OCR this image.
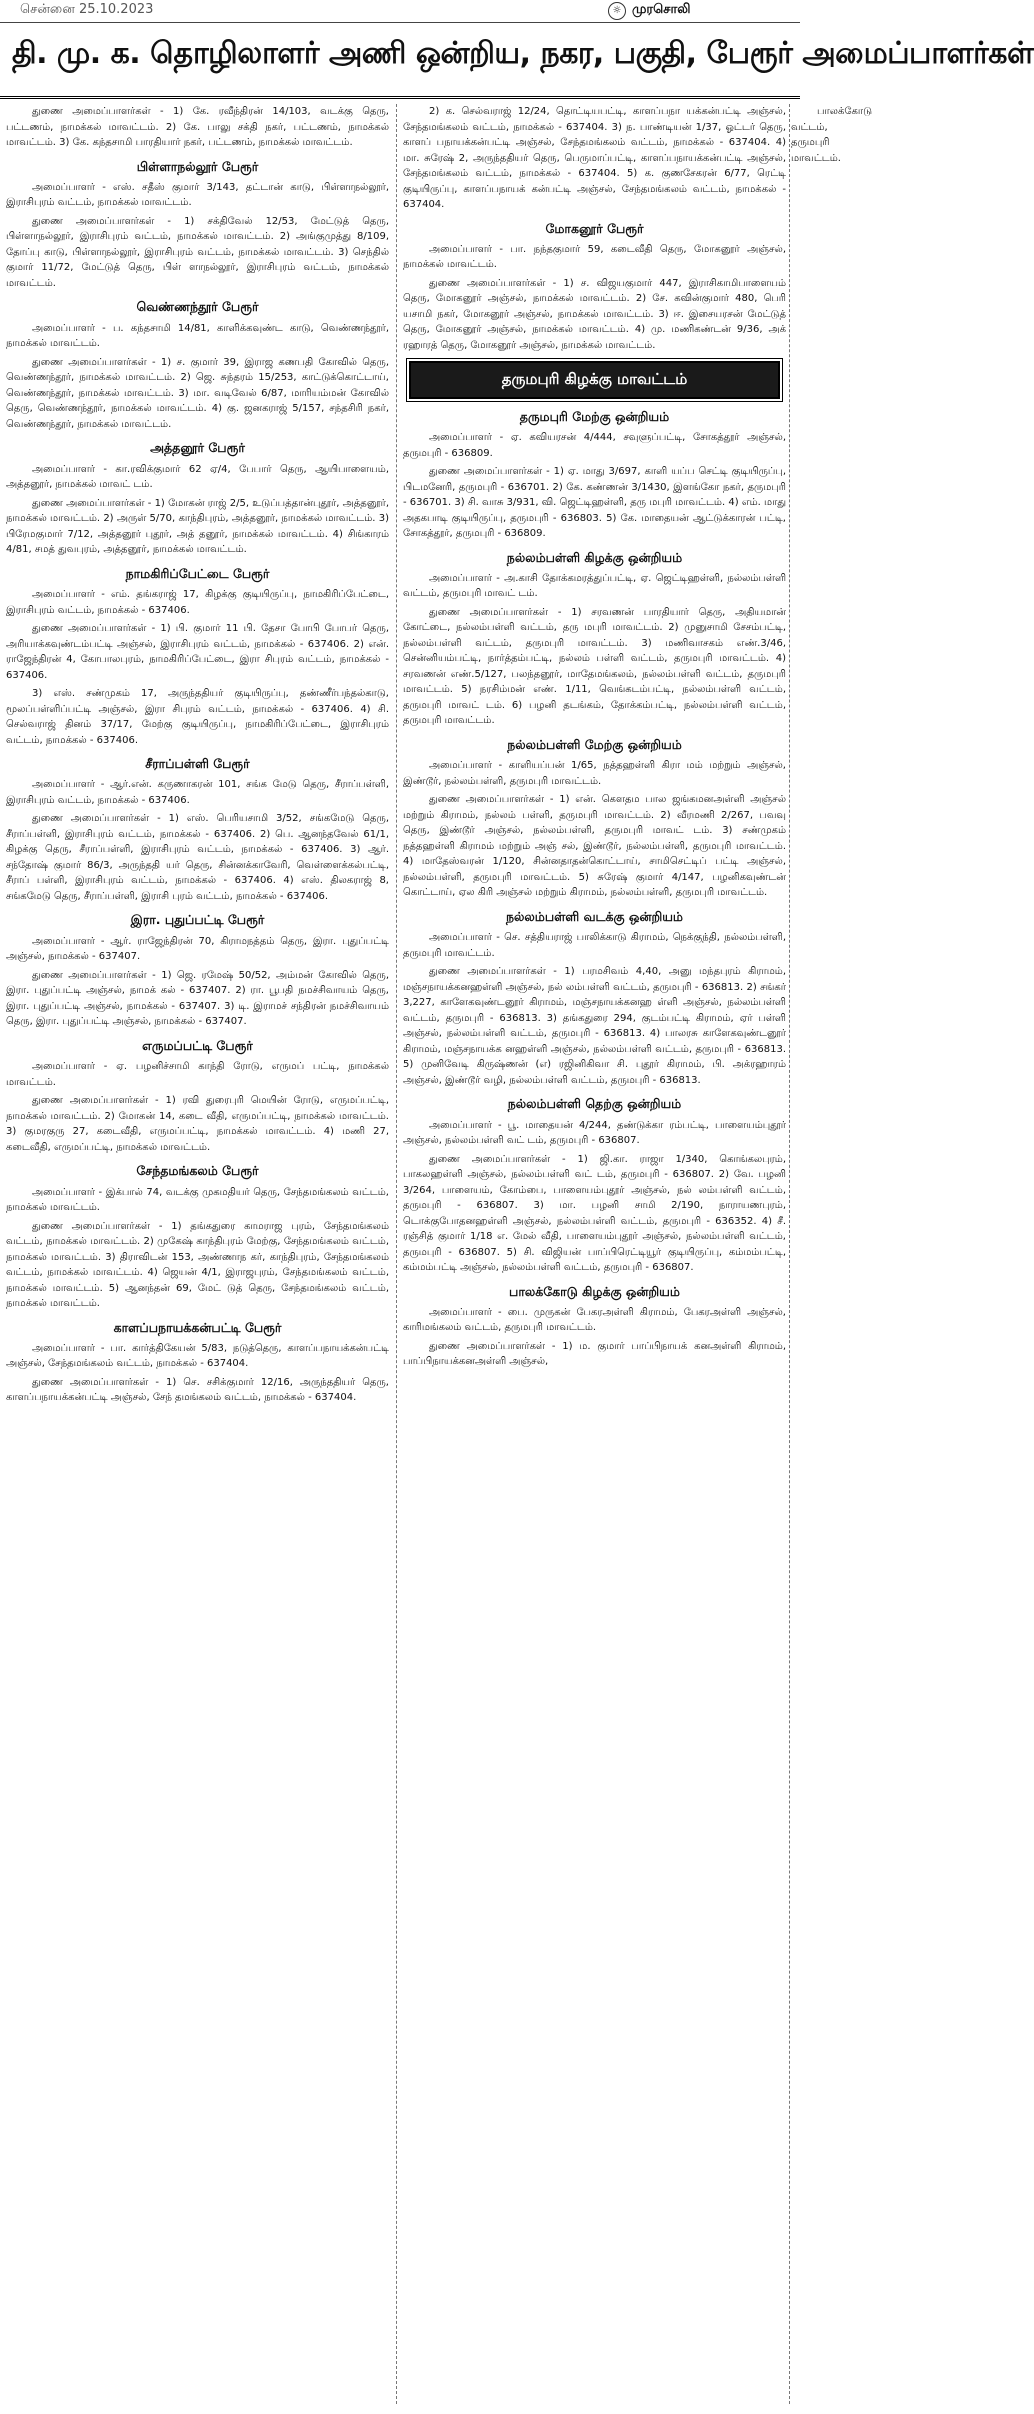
சென்னை 25.10.2023	☼ முரசொலி
தி. மு. க. தொழிலாளர் அணி ஒன்றிய, நகர, பகுதி, பேரூர் அமைப்பாளர்கள்

துணை அமைப்பாளர்கள் - 1) கே. ரவீந்திரன் 14/103, வடக்கு தெரு, பட்டணம், நாமக்கல் மாவட்டம். 2) கே. பாலு சக்தி நகர், பட்டணம், நாமக்கல் மாவட்டம். 3) கே. கந்தசாமி பாரதியார் நகர், பட்டணம், நாமக்கல் மாவட்டம்.

பிள்ளாநல்லூர் பேரூர்

அமைப்பாளர் - எஸ். சதீஸ் குமார் 3/143, தட்டான் காடு, பிள்ளாநல்லூர், இராசிபுரம் வட்டம், நாமக்கல் மாவட்டம்.

துணை அமைப்பாளர்கள் - 1) சக்திவேல் 12/53, மேட்டுத் தெரு, பிள்ளாநல்லூர், இராசிபுரம் வட்டம், நாமக்கல் மாவட்டம். 2) அங்குமுத்து 8/109, தோப்பு காடு, பிள்ளாநல்லூர், இராசிபுரம் வட்டம், நாமக்கல் மாவட்டம். 3) செந்தில் குமார் 11/72, மேட்டுத் தெரு, பிள் ளாநல்லூர், இராசிபுரம் வட்டம், நாமக்கல் மாவட்டம்.

வெண்ணந்தூர் பேரூர்

அமைப்பாளர் - ப. கந்தசாமி 14/81, காளிக்கவுண்ட காடு, வெண்ணந்தூர், நாமக்கல் மாவட்டம்.

துணை அமைப்பாளர்கள் - 1) ச. குமார் 39, இராஜ கணபதி கோவில் தெரு, வெண்ணந்தூர், நாமக்கல் மாவட்டம். 2) ஜெ. சுந்தரம் 15/253, காட்டுக்கொட்டாய், வெண்ணந்தூர், நாமக்கல் மாவட்டம். 3) மா. வடிவேல் 6/87, மாரியம்மன் கோவில் தெரு, வெண்ணந்தூர், நாமக்கல் மாவட்டம். 4) கு. ஜனகராஜ் 5/157, சந்தசிரி நகர், வெண்ணந்தூர், நாமக்கல் மாவட்டம்.

அத்தனூர் பேரூர்

அமைப்பாளர் - கா.ரவிக்குமார் 62 ஏ/4, பேபார் தெரு, ஆயிபாளையம், அத்தனூர், நாமக்கல் மாவட் டம்.

துணை அமைப்பாளர்கள் - 1) மோகன் ராஜ் 2/5, உடுப்பத்தான்புதூர், அத்தனூர், நாமக்கல் மாவட்டம். 2) அருள் 5/70, காந்திபுரம், அத்தனூர், நாமக்கல் மாவட்டம். 3) பிரேமகுமார் 7/12, அத்தனூர் புதூர், அத் தனூர், நாமக்கல் மாவட்டம். 4) சிங்காரம் 4/81, சமத் துவபுரம், அத்தனூர், நாமக்கல் மாவட்டம்.

நாமகிரிப்பேட்டை பேரூர்

அமைப்பாளர் - எம். தங்கராஜ் 17, கிழக்கு குடியிருப்பு, நாமகிரிப்பேட்டை, இராசிபுரம் வட்டம், நாமக்கல் - 637406.

துணை அமைப்பாளர்கள் - 1) பி. குமார் 11 பி. தேசா போபி போபர் தெரு, அரியாக்கவுண்டம்பட்டி அஞ்சல், இராசிபுரம் வட்டம், நாமக்கல் - 637406. 2) என். ராஜேந்திரன் 4, கோபாலபுரம், நாமகிரிப்பேட்டை, இரா சிபுரம் வட்டம், நாமக்கல் - 637406.

3) எஸ். சண்முகம் 17, அருந்ததியர் குடியிருப்பு, தண்ணீர்பந்தல்காடு, மூலப்பள்ளிப்பட்டி அஞ்சல், இரா சிபுரம் வட்டம், நாமக்கல் - 637406. 4) சி. செல்வராஜ் தினம் 37/17, மேற்கு குடியிருப்பு, நாமகிரிப்பேட்டை, இராசிபுரம் வட்டம், நாமக்கல் - 637406.

சீராப்பள்ளி பேரூர்

அமைப்பாளர் - ஆர்.என். கருணாகரன் 101, சங்க மேடு தெரு, சீராப்பள்ளி, இராசிபுரம் வட்டம், நாமக்கல் - 637406.

துணை அமைப்பாளர்கள் - 1) எஸ். பெரியசாமி 3/52, சங்கமேடு தெரு, சீராப்பள்ளி, இராசிபுரம் வட்டம், நாமக்கல் - 637406. 2) பெ. ஆனந்தவேல் 61/1, கிழக்கு தெரு, சீராப்பள்ளி, இராசிபுரம் வட்டம், நாமக்கல் - 637406. 3) ஆர். சந்தோஷ் குமார் 86/3, அருந்ததி யர் தெரு, சின்னக்காவேரி, வெள்ளைக்கல்பட்டி, சீராப் பள்ளி, இராசிபுரம் வட்டம், நாமக்கல் - 637406. 4) எஸ். திலகராஜ் 8, சங்கமேடு தெரு, சீராப்பள்ளி, இராசி புரம் வட்டம், நாமக்கல் - 637406.

இரா. புதுப்பட்டி பேரூர்

அமைப்பாளர் - ஆர். ராஜேந்திரன் 70, கிராமநத்தம் தெரு, இரா. புதுப்பட்டி அஞ்சல், நாமக்கல் - 637407.

துணை அமைப்பாளர்கள் - 1) ஜெ. ரமேஷ் 50/52, அம்மன் கோவில் தெரு, இரா. புதுப்பட்டி அஞ்சல், நாமக் கல் - 637407. 2) ரா. பூபதி நமச்சிவாயம் தெரு, இரா. புதுப்பட்டி அஞ்சல், நாமக்கல் - 637407. 3) டி. இராமச் சந்திரன் நமச்சிவாயம் தெரு, இரா. புதுப்பட்டி அஞ்சல், நாமக்கல் - 637407.

எருமப்பட்டி பேரூர்

அமைப்பாளர் - ஏ. பழனிச்சாமி காந்தி ரோடு, எருமப் பட்டி, நாமக்கல் மாவட்டம்.

துணை அமைப்பாளர்கள் - 1) ரவி துரைபுரி மெயின் ரோடு, எருமப்பட்டி, நாமக்கல் மாவட்டம். 2) மோகன் 14, கடை வீதி, எருமப்பட்டி, நாமக்கல் மாவட்டம். 3) குமரகுரு 27, கடைவீதி, எருமப்பட்டி, நாமக்கல் மாவட்டம். 4) மணி 27, கடைவீதி, எருமப்பட்டி, நாமக்கல் மாவட்டம்.

சேந்தமங்கலம் பேரூர்

அமைப்பாளர் - இக்பால் 74, வடக்கு முகமதியர் தெரு, சேந்தமங்கலம் வட்டம், நாமக்கல் மாவட்டம்.

துணை அமைப்பாளர்கள் - 1) தங்கதுரை காமராஜ புரம், சேந்தமங்கலம் வட்டம், நாமக்கல் மாவட்டம். 2) முகேஷ் காந்திபுரம் மேற்கு, சேந்தமங்கலம் வட்டம், நாமக்கல் மாவட்டம். 3) திராவிடன் 153, அண்ணாந கர், காந்திபுரம், சேந்தமங்கலம் வட்டம், நாமக்கல் மாவட்டம். 4) ஜெயன் 4/1, இராஜபுரம், சேந்தமங்கலம் வட்டம், நாமக்கல் மாவட்டம். 5) ஆனந்தன் 69, மேட் டுத் தெரு, சேந்தமங்கலம் வட்டம், நாமக்கல் மாவட்டம்.

காளப்பநாயக்கன்பட்டி பேரூர்

அமைப்பாளர் - பா. கார்த்திகேயன் 5/83, நடுத்தெரு, காளப்பநாயக்கன்பட்டி அஞ்சல், சேந்தமங்கலம் வட்டம், நாமக்கல் - 637404.

துணை அமைப்பாளர்கள் - 1) செ. சசிக்குமார் 12/16, அருந்ததியர் தெரு, காளப்பநாயக்கன்பட்டி அஞ்சல், சேந் தமங்கலம் வட்டம், நாமக்கல் - 637404.

2) க. செல்வராஜ் 12/24, தொட்டியபட்டி, காளப்பநா யக்கன்பட்டி அஞ்சல், சேந்தமங்கலம் வட்டம், நாமக்கல் - 637404. 3) ந. பாண்டியன் 1/37, ஓட்டர் தெரு, காளப் பநாயக்கன்பட்டி அஞ்சல், சேந்தமங்கலம் வட்டம், நாமக்கல் - 637404. 4) மா. சுரேஷ் 2, அருந்ததியர் தெரு, பெருமாப்பட்டி, காளப்பநாயக்கன்பட்டி அஞ்சல், சேந்தமங்கலம் வட்டம், நாமக்கல் - 637404. 5) க. குணசேகரன் 6/77, ரெட்டி குடியிருப்பு, காளப்பநாயக் கன்பட்டி அஞ்சல், சேந்தமங்கலம் வட்டம், நாமக்கல் - 637404.

மோகனூர் பேரூர்

அமைப்பாளர் - பா. நந்தகுமார் 59, கடைவீதி தெரு, மோகனூர் அஞ்சல், நாமக்கல் மாவட்டம்.

துணை அமைப்பாளர்கள் - 1) ச. விஜயகுமார் 447, இராசிகாமிபாளையம் தெரு, மோகனூர் அஞ்சல், நாமக்கல் மாவட்டம். 2) சே. கவின்குமார் 480, பெரி யசாமி நகர், மோகனூர் அஞ்சல், நாமக்கல் மாவட்டம். 3) ஈ. இசையரசன் மேட்டுத் தெரு, மோகனூர் அஞ்சல், நாமக்கல் மாவட்டம். 4) மு. மணிகண்டன் 9/36, அக் ரஹாரத் தெரு, மோகனூர் அஞ்சல், நாமக்கல் மாவட்டம்.

தருமபுரி கிழக்கு மாவட்டம்
தருமபுரி மேற்கு ஒன்றியம்

அமைப்பாளர் - ஏ. கவியரசன் 4/444, சவுளுப்பட்டி, சோகத்தூர் அஞ்சல், தருமபுரி - 636809.

துணை அமைப்பாளர்கள் - 1) ஏ. மாது 3/697, காளி யப்ப செட்டி குடியிருப்பு, பிடமனேரி, தருமபுரி - 636701. 2) கே. கண்ணன் 3/1430, இளங்கோ நகர், தருமபுரி - 636701. 3) சி. வாசு 3/931, வி. ஜெட்டிஹள்ளி, தரு மபுரி மாவட்டம். 4) எம். மாது அதகபாடி குடியிருப்பு, தருமபுரி - 636803. 5) கே. மாதையன் ஆட்டுக்காரன் பட்டி, சோகத்தூர், தருமபுரி - 636809.

நல்லம்பள்ளி கிழக்கு ஒன்றியம்

அமைப்பாளர் - அ.காசி தோக்கமரத்துப்பட்டி, ஏ. ஜெட்டிஹள்ளி, நல்லம்பள்ளி வட்டம், தருமபுரி மாவட் டம்.

துணை அமைப்பாளர்கள் - 1) சரவணன் பாரதியார் தெரு, அதியமான் கோட்டை, நல்லம்பள்ளி வட்டம், தரு மபுரி மாவட்டம். 2) முனுசாமி சேசம்பட்டி, நல்லம்பள்ளி வட்டம், தருமபுரி மாவட்டம். 3) மணிவாசகம் எண்.3/46, சென்னியம்பட்டி, நார்த்தம்பட்டி, நல்லம் பள்ளி வட்டம், தருமபுரி மாவட்டம். 4) சரவணன் எண்.5/127, பலந்தனூர், மாதேமங்கலம், நல்லம்பள்ளி வட்டம், தருமபுரி மாவட்டம். 5) நரசிம்மன் எண். 1/11, வெங்கடம்பட்டி, நல்லம்பள்ளி வட்டம், தருமபுரி மாவட் டம். 6) பழனி தடங்கம், தோக்கம்பட்டி, நல்லம்பள்ளி வட்டம், தருமபுரி மாவட்டம்.

நல்லம்பள்ளி மேற்கு ஒன்றியம்

அமைப்பாளர் - காளியப்பன் 1/65, நத்தஹள்ளி கிரா மம் மற்றும் அஞ்சல், இண்டூர், நல்லம்பள்ளி, தருமபுரி மாவட்டம்.

துணை அமைப்பாளர்கள் - 1) என். கௌதம பால ஜங்கமனஅள்ளி அஞ்சல் மற்றும் கிராமம், நல்லம் பள்ளி, தருமபுரி மாவட்டம். 2) வீரமணி 2/267, பவவு தெரு, இண்டூர் அஞ்சல், நல்லம்பள்ளி, தருமபுரி மாவட் டம். 3) சண்முகம் நத்தஹள்ளி கிராமம் மற்றும் அஞ் சல், இண்டூர், நல்லம்பள்ளி, தருமபுரி மாவட்டம். 4) மாதேஸ்வரன் 1/120, சின்னதாதன்கொட்டாய், சாமிசெட்டிப் பட்டி அஞ்சல், நல்லம்பள்ளி, தருமபுரி மாவட்டம். 5) சுரேஷ் குமார் 4/147, பழனிகவுண்டன் கொட்டாய், ஏல கிரி அஞ்சல் மற்றும் கிராமம், நல்லம்பள்ளி, தருமபுரி மாவட்டம்.

நல்லம்பள்ளி வடக்கு ஒன்றியம்

அமைப்பாளர் - செ. சத்தியராஜ் பாலிக்காடு கிராமம், நெக்குந்தி, நல்லம்பள்ளி, தருமபுரி மாவட்டம்.

துணை அமைப்பாளர்கள் - 1) பரமசிவம் 4,40, அனு மந்தபுரம் கிராமம், மஞ்சநாயக்கனஹள்ளி அஞ்சல், நல் லம்பள்ளி வட்டம், தருமபுரி - 636813. 2) சங்கர் 3,227, காளேகவுண்டனூர் கிராமம், மஞ்சநாயக்கனஹ ள்ளி அஞ்சல், நல்லம்பள்ளி வட்டம், தருமபுரி - 636813. 3) தங்கதுரை 294, குடம்பட்டி கிராமம், ஏர் பள்ளி அஞ்சல், நல்லம்பள்ளி வட்டம், தருமபுரி - 636813. 4) பாலரசு காளேகவுண்டனூர் கிராமம், மஞ்சநாயக்க னஹள்ளி அஞ்சல், நல்லம்பள்ளி வட்டம், தருமபுரி - 636813. 5) முனிவேடி கிருஷ்ணன் (எ) ரஜினிகிவா சி. புதூர் கிராமம், பி. அக்ரஹாரம் அஞ்சல், இண்டூர் வழி, நல்லம்பள்ளி வட்டம், தருமபுரி - 636813.

நல்லம்பள்ளி தெற்கு ஒன்றியம்

அமைப்பாளர் - பூ. மாதையன் 4/244, தண்டுக்கா ரம்பட்டி, பாளையம்புதூர் அஞ்சல், நல்லம்பள்ளி வட் டம், தருமபுரி - 636807.

துணை அமைப்பாளர்கள் - 1) ஜி.கா. ராஜா 1/340, கொங்கலபுரம், பாகலஹள்ளி அஞ்சல், நல்லம்பள்ளி வட் டம், தருமபுரி - 636807. 2) வே. பழனி 3/264, பாளையம், கோம்பை, பாளையம்புதூர் அஞ்சல், நல் லம்பள்ளி வட்டம், தருமபுரி - 636807. 3) மா. பழனி சாமி 2/190, நாராயணபுரம், டொக்குபோதனஹள்ளி அஞ்சல், நல்லம்பள்ளி வட்டம், தருமபுரி - 636352. 4) சீ. ரஞ்சித் குமார் 1/18 எ. மேல் வீதி, பாளையம்புதூர் அஞ்சல், நல்லம்பள்ளி வட்டம், தருமபுரி - 636807. 5) சி. விஜியன் பாப்பிரெட்டியூர் குடியிருப்பு, கம்மம்பட்டி, கம்மம்பட்டி அஞ்சல், நல்லம்பள்ளி வட்டம், தருமபுரி - 636807.

பாலக்கோடு கிழக்கு ஒன்றியம்

அமைப்பாளர் - பை. முருகன் பேகரஅள்ளி கிராமம், பேகரஅள்ளி அஞ்சல், காரிமங்கலம் வட்டம், தருமபுரி மாவட்டம்.

துணை அமைப்பாளர்கள் - 1) ம. குமார் பாப்பிநாயக் கனஅள்ளி கிராமம், பாப்பிநாயக்கனஅள்ளி அஞ்சல்,

பாலக்கோடு வட்டம், தருமபுரி மாவட்டம்.
